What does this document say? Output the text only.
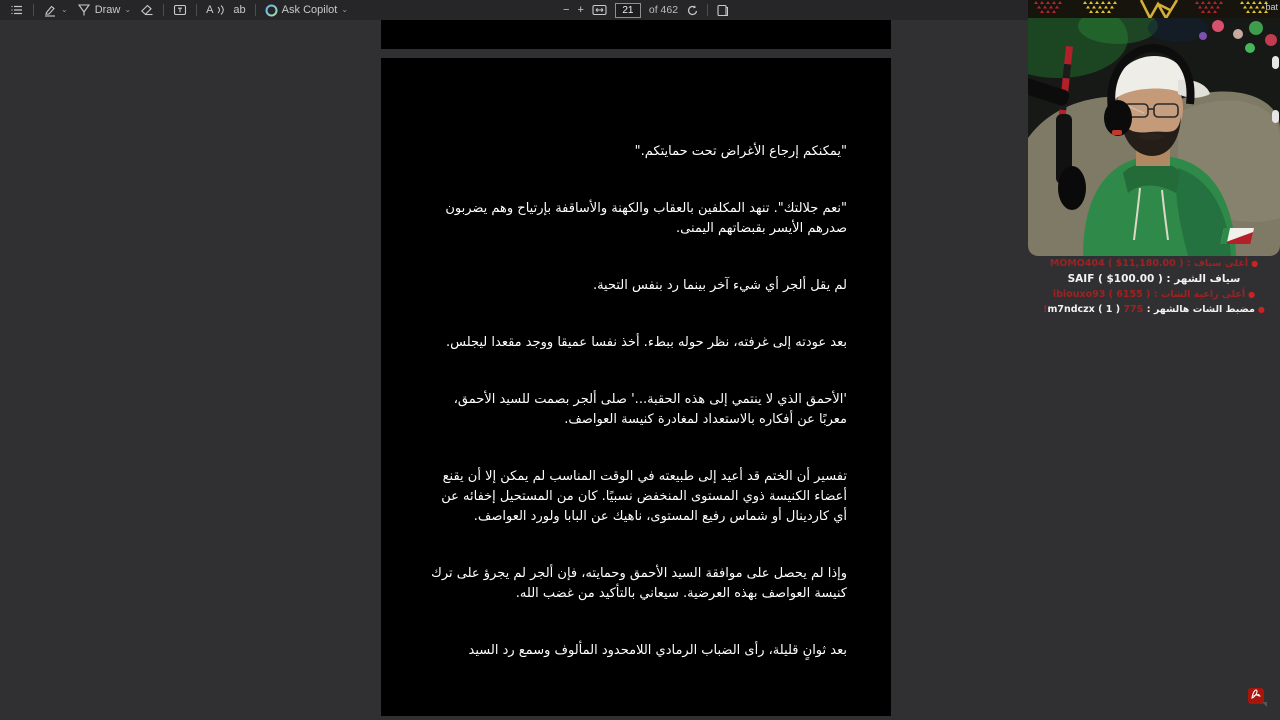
⌄ Draw ⌄	A ab	Ask Copilot ⌄	− +
21	of 462

"يمكنكم إرجاع الأغراض تحت حمايتكم."

"نعم جلالتك". تنهد المكلفين بالعقاب والكهنة والأساقفة بإرتياح وهم يضربون صدرهم الأيسر بقبضاتهم اليمنى.

لم يقل ألجر أي شيء آخر بينما رد بنفس التحية.

بعد عودته إلى غرفته، نظر حوله ببطء. أخذ نفسا عميقا ووجد مقعدا ليجلس.

'الأحمق الذي لا ينتمي إلى هذه الحقبة...' صلى ألجر بصمت للسيد الأحمق، معربًا عن أفكاره بالاستعداد لمغادرة كنيسة العواصف.

تفسير أن الختم قد أعيد إلى طبيعته في الوقت المناسب لم يمكن إلا أن يقنع أعضاء الكنيسة ذوي المستوى المنخفض نسبيًا. كان من المستحيل إخفائه عن أي كاردينال أو شماس رفيع المستوى، ناهيك عن البابا ولورد العواصف.

وإذا لم يحصل على موافقة السيد الأحمق وحمايته، فإن ألجر لم يجرؤ على ترك كنيسة العواصف بهذه العرضية. سيعاني بالتأكيد من غضب الله.

بعد ثوانٍ قليلة، رأى الضباب الرمادي اللامحدود المألوف وسمع رد السيد

bat
●أعلى سياف : MOMO404 ( $11,180.00 )
سياف الشهر : SAIF ( $100.00 )
●أعلى راعية الشات : ibiouxo93 ( 6155 )
●مضبط الشات هالشهر : m7ndczx ( 1 ) 77S!
